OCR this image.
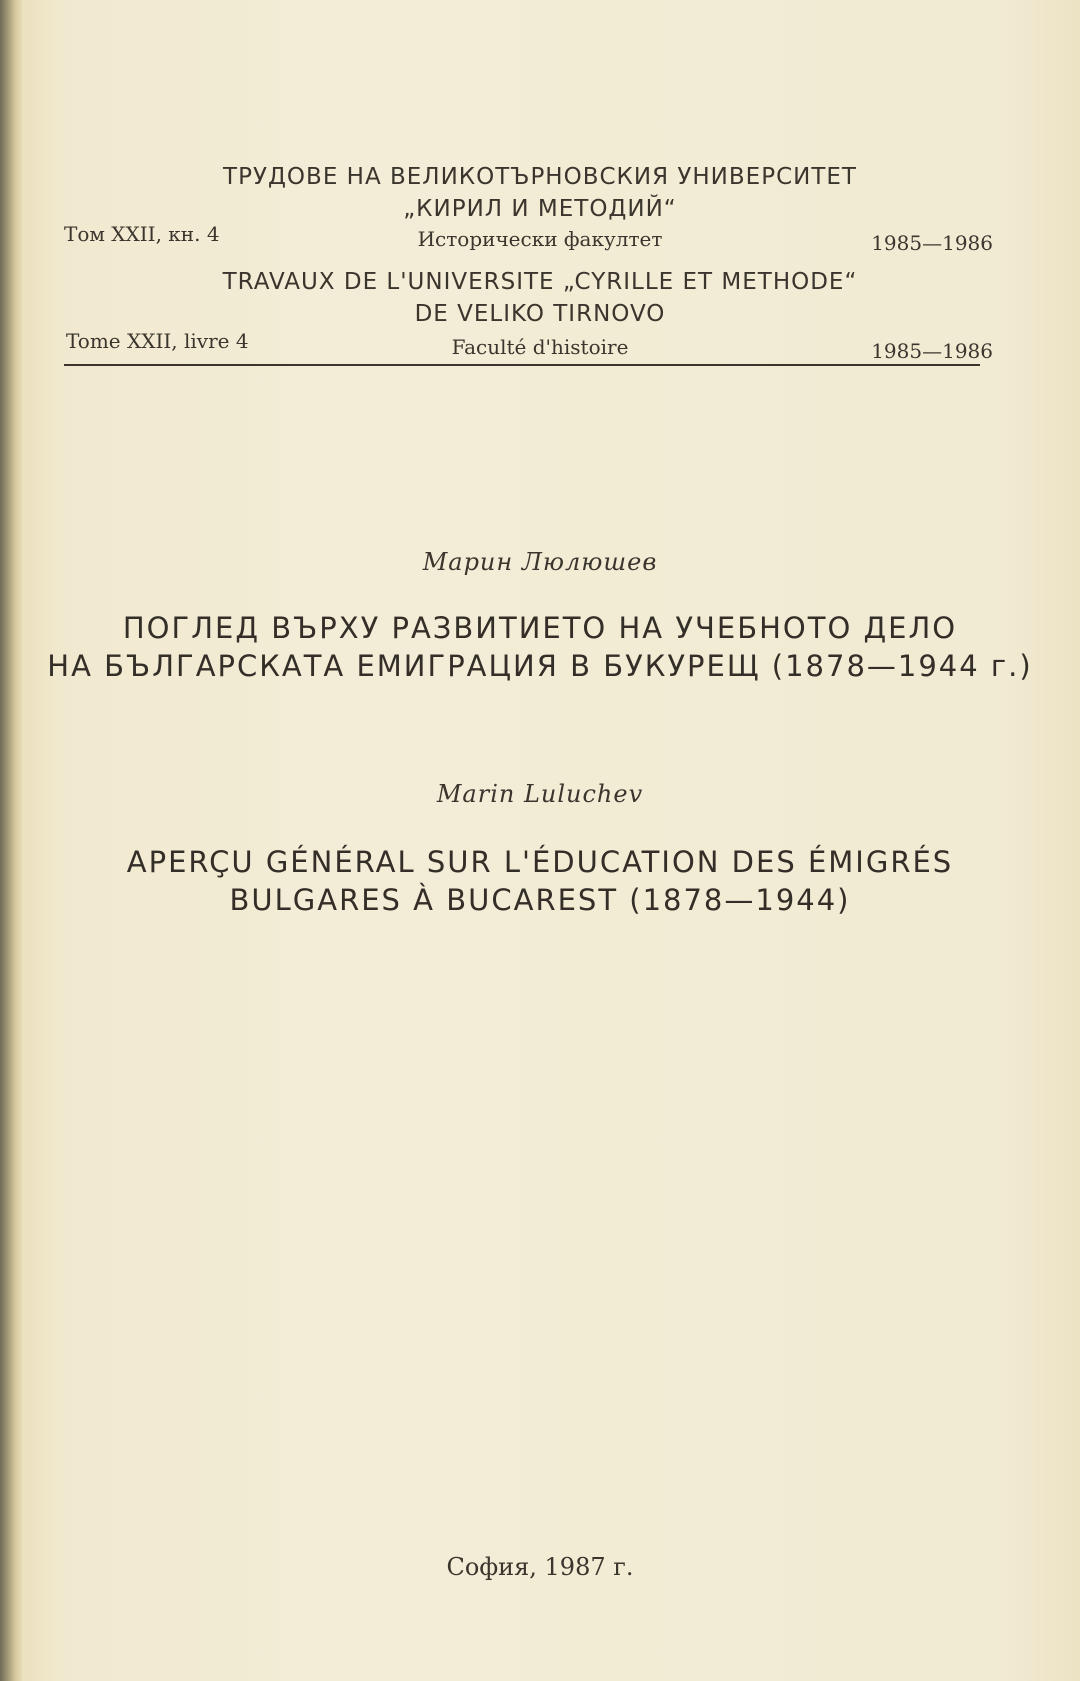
ТРУДОВЕ НА ВЕЛИКОТЪРНОВСКИЯ УНИВЕРСИТЕТ
„КИРИЛ И МЕТОДИЙ“
Том XXII, кн. 4	Исторически факултет	1985—1986
TRAVAUX DE L'UNIVERSITE „CYRILLE ET METHODE“
DE VELIKO TIRNOVO
Tome XXII, livre 4	Faculté d'histoire	1985—1986
Марин Люлюшев
ПОГЛЕД ВЪРХУ РАЗВИТИЕТО НА УЧЕБНОТО ДЕЛО
НА БЪЛГАРСКАТА ЕМИГРАЦИЯ В БУКУРЕЩ (1878—1944 г.)
Marin Luluchev
APERÇU GÉNÉRAL SUR L'ÉDUCATION DES ÉMIGRÉS
BULGARES À BUCAREST (1878—1944)
София, 1987 г.
